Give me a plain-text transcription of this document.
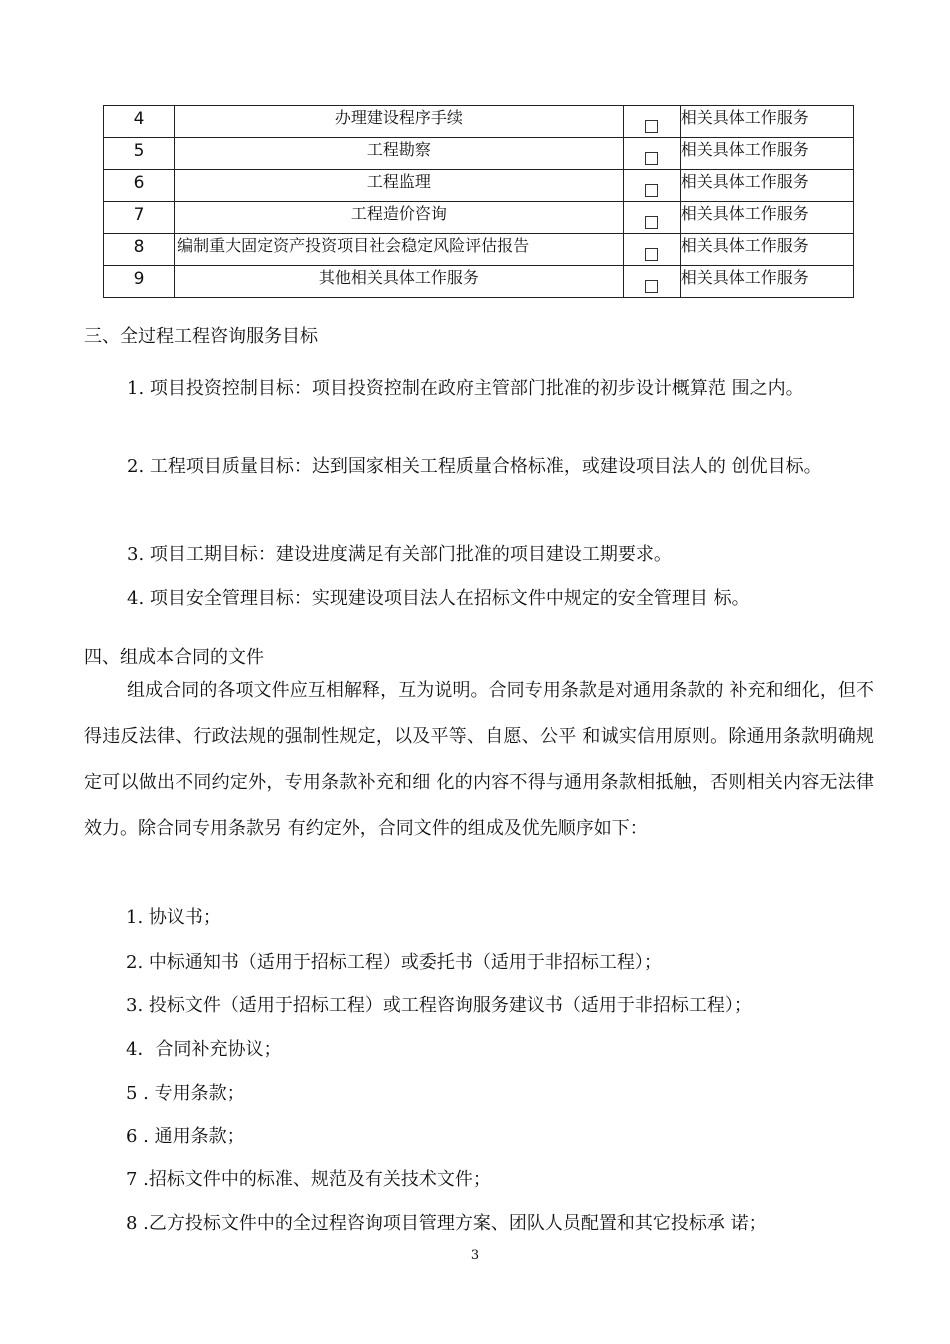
4	办理建设程序手续		相关具体工作服务
5	工程勘察		相关具体工作服务
6	工程监理		相关具体工作服务
7	工程造价咨询		相关具体工作服务
8	编制重大固定资产投资项目社会稳定风险评估报告		相关具体工作服务
9	其他相关具体工作服务		相关具体工作服务
三、全过程工程咨询服务目标
1. 项目投资控制目标：项目投资控制在政府主管部门批准的初步设计概算范 围之内。
2. 工程项目质量目标：达到国家相关工程质量合格标准，或建设项目法人的 创优目标。
3. 项目工期目标：建设进度满足有关部门批准的项目建设工期要求。
4. 项目安全管理目标：实现建设项目法人在招标文件中规定的安全管理目 标。
四、组成本合同的文件
组成合同的各项文件应互相解释，互为说明。合同专用条款是对通用条款的 补充和细化，但不得违反法律、行政法规的强制性规定，以及平等、自愿、公平 和诚实信用原则。除通用条款明确规定可以做出不同约定外，专用条款补充和细 化的内容不得与通用条款相抵触，否则相关内容无法律效力。除合同专用条款另 有约定外，合同文件的组成及优先顺序如下：
1. 协议书；
2. 中标通知书（适用于招标工程）或委托书（适用于非招标工程）；
3. 投标文件（适用于招标工程）或工程咨询服务建议书（适用于非招标工程）；
4．合同补充协议；
5 . 专用条款；
6 . 通用条款；
7 .招标文件中的标准、规范及有关技术文件；
8 .乙方投标文件中的全过程咨询项目管理方案、团队人员配置和其它投标承 诺；
3
